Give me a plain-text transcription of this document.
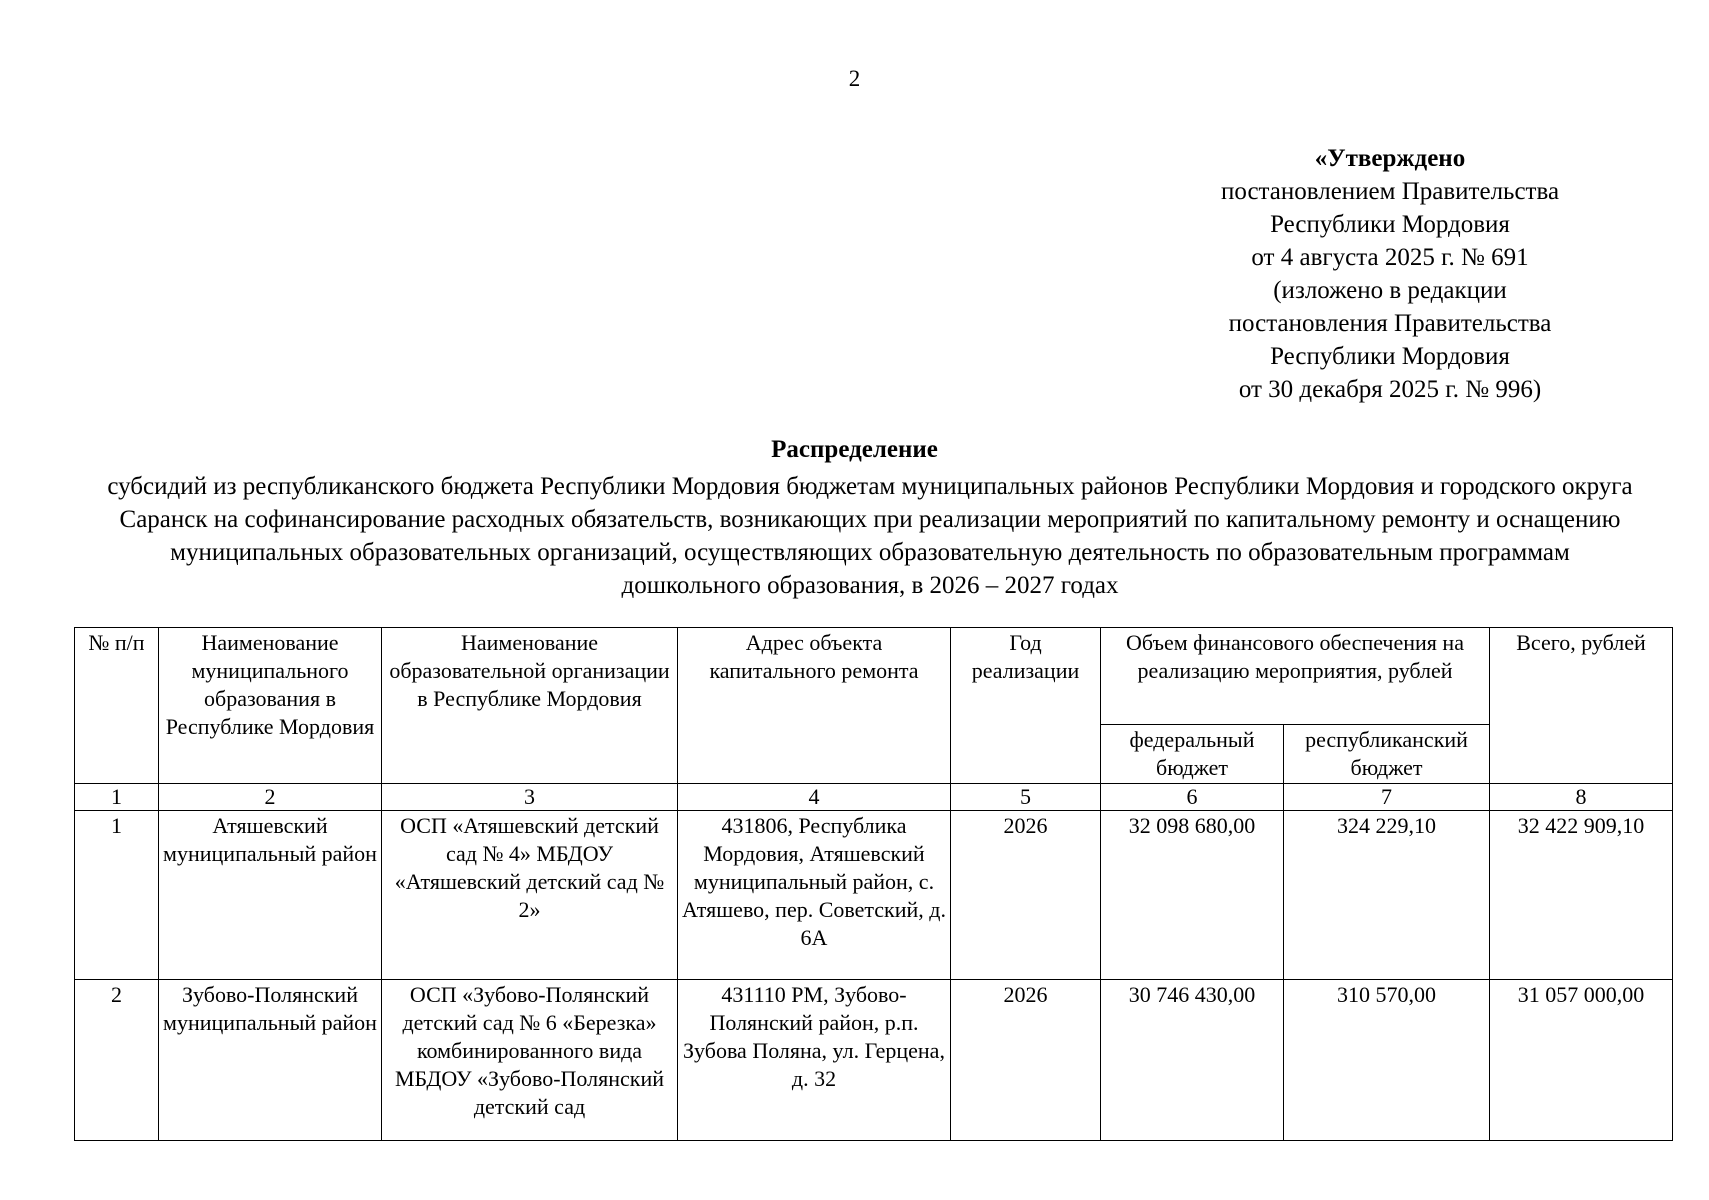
2
«Утверждено
постановлением Правительства
Республики Мордовия
от 4 августа 2025 г. № 691
(изложено в редакции
постановления Правительства
Республики Мордовия
от 30 декабря 2025 г. № 996)
Распределение
субсидий из республиканского бюджета Республики Мордовия бюджетам муниципальных районов Республики Мордовия и городского округа Саранск на софинансирование расходных обязательств, возникающих при реализации мероприятий по капитальному ремонту и оснащению муниципальных образовательных организаций, осуществляющих образовательную деятельность по образовательным программам дошкольного образования, в 2026 – 2027 годах
№ п/п	Наименование муниципального образования в Республике Мордовия	Наименование образовательной организации в Республике Мордовия	Адрес объекта капитального ремонта	Год реализации	Объем финансового обеспечения на реализацию мероприятия, рублей		Всего, рублей
					федеральный бюджет	республиканский бюджет	
1	2	3	4	5	6	7	8
1	Атяшевский муниципальный район	ОСП «Атяшевский детский сад № 4» МБДОУ «Атяшевский детский сад № 2»	431806, Республика Мордовия, Атяшевский муниципальный район, с. Атяшево, пер. Советский, д. 6А	2026	32 098 680,00	324 229,10	32 422 909,10
2	Зубово-Полянский муниципальный район	ОСП «Зубово-Полянский детский сад № 6 «Березка» комбинированного вида МБДОУ «Зубово-Полянский детский сад	431110 РМ, Зубово-Полянский район, р.п. Зубова Поляна, ул. Герцена, д. 32	2026	30 746 430,00	310 570,00	31 057 000,00
